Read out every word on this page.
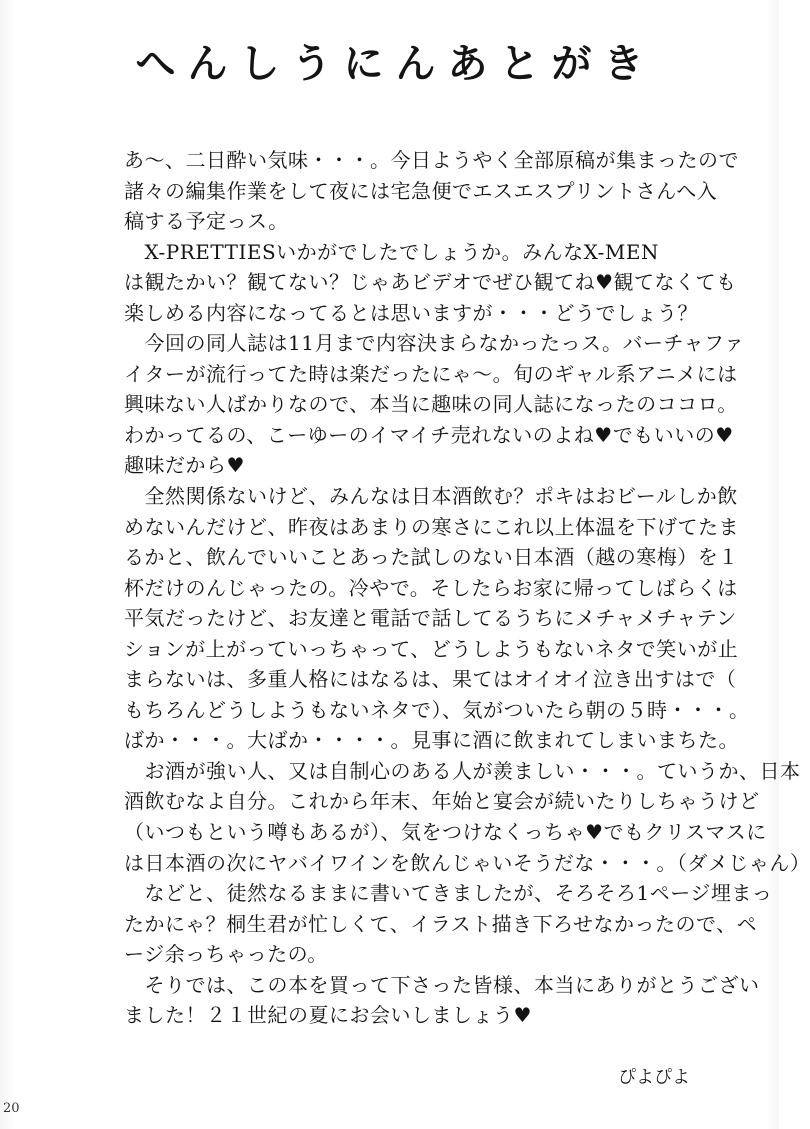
へんしうにんあとがき
あ～、二日酔い気味・・・。今日ようやく全部原稿が集まったので
諸々の編集作業をして夜には宅急便でエスエスプリントさんへ入
稿する予定っス。
　X-PRETTIESいかがでしたでしょうか。みんなX-MEN
は観たかい？観てない？じゃあビデオでぜひ観てね♥観てなくても
楽しめる内容になってるとは思いますが・・・どうでしょう？
　今回の同人誌は11月まで内容決まらなかったっス。バーチャファ
イターが流行ってた時は楽だったにゃ～。旬のギャル系アニメには
興味ない人ばかりなので、本当に趣味の同人誌になったのココロ。
わかってるの、こーゆーのイマイチ売れないのよね♥でもいいの♥
趣味だから♥
　全然関係ないけど、みんなは日本酒飲む？ポキはおビールしか飲
めないんだけど、昨夜はあまりの寒さにこれ以上体温を下げてたま
るかと、飲んでいいことあった試しのない日本酒（越の寒梅）を１
杯だけのんじゃったの。冷やで。そしたらお家に帰ってしばらくは
平気だったけど、お友達と電話で話してるうちにメチャメチャテン
ションが上がっていっちゃって、どうしようもないネタで笑いが止
まらないは、多重人格にはなるは、果てはオイオイ泣き出すはで（
もちろんどうしようもないネタで）、気がついたら朝の５時・・・。
ばか・・・。大ばか・・・・。見事に酒に飲まれてしまいまちた。
　お酒が強い人、又は自制心のある人が羨ましい・・・。ていうか、日本
酒飲むなよ自分。これから年末、年始と宴会が続いたりしちゃうけど
（いつもという噂もあるが）、気をつけなくっちゃ♥でもクリスマスに
は日本酒の次にヤバイワインを飲んじゃいそうだな・・・。（ダメじゃん）
　などと、徒然なるままに書いてきましたが、そろそろ1ページ埋まっ
たかにゃ？桐生君が忙しくて、イラスト描き下ろせなかったので、ペ
ージ余っちゃったの。
　そりでは、この本を買って下さった皆様、本当にありがとうござい
ました！２１世紀の夏にお会いしましょう♥
ぴよぴよ
20
